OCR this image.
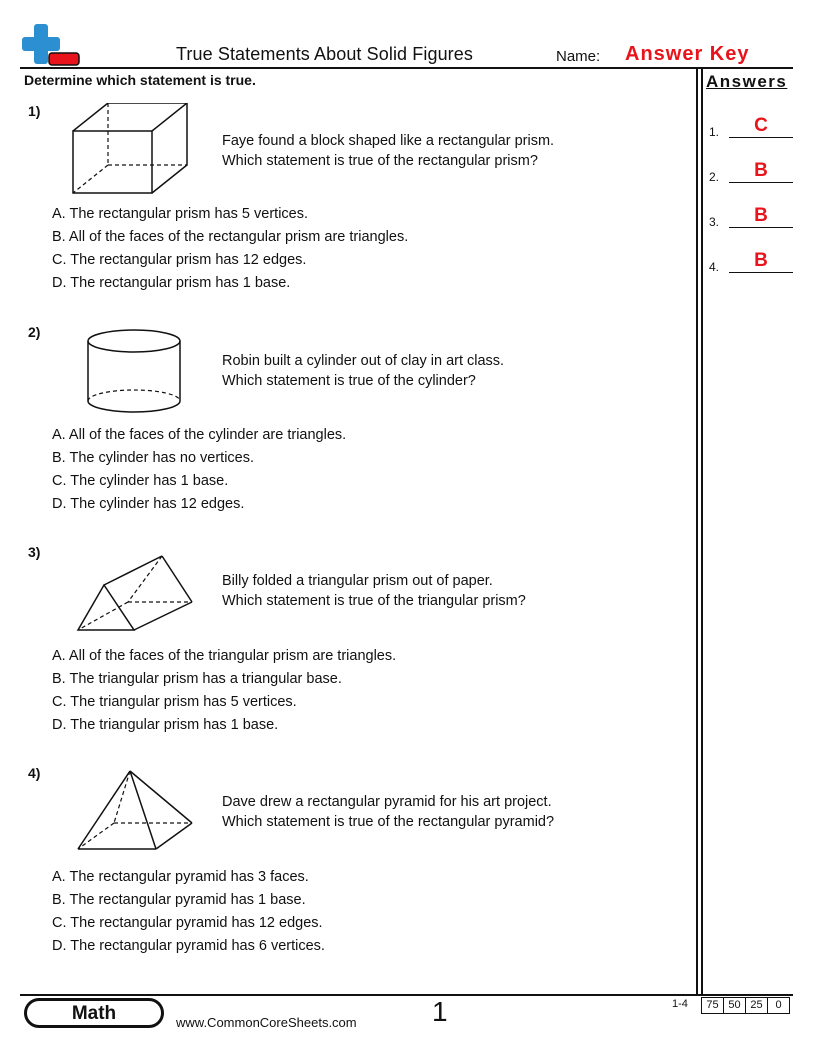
True Statements About Solid Figures	Name: Answer Key
Determine which statement is true.	Answers
1.	C
2.	B
3.	B
4.	B
1)
Faye found a block shaped like a rectangular prism.
Which statement is true of the rectangular prism?
A. The rectangular prism has 5 vertices.
B. All of the faces of the rectangular prism are triangles.
C. The rectangular prism has 12 edges.
D. The rectangular prism has 1 base.
2)
Robin built a cylinder out of clay in art class.
Which statement is true of the cylinder?
A. All of the faces of the cylinder are triangles.
B. The cylinder has no vertices.
C. The cylinder has 1 base.
D. The cylinder has 12 edges.
3)
Billy folded a triangular prism out of paper.
Which statement is true of the triangular prism?
A. All of the faces of the triangular prism are triangles.
B. The triangular prism has a triangular base.
C. The triangular prism has 5 vertices.
D. The triangular prism has 1 base.
4)
Dave drew a rectangular pyramid for his art project.
Which statement is true of the rectangular pyramid?
A. The rectangular pyramid has 3 faces.
B. The rectangular pyramid has 1 base.
C. The rectangular pyramid has 12 edges.
D. The rectangular pyramid has 6 vertices.
Math	www.CommonCoreSheets.com	1	1-4	75 50 25	0
